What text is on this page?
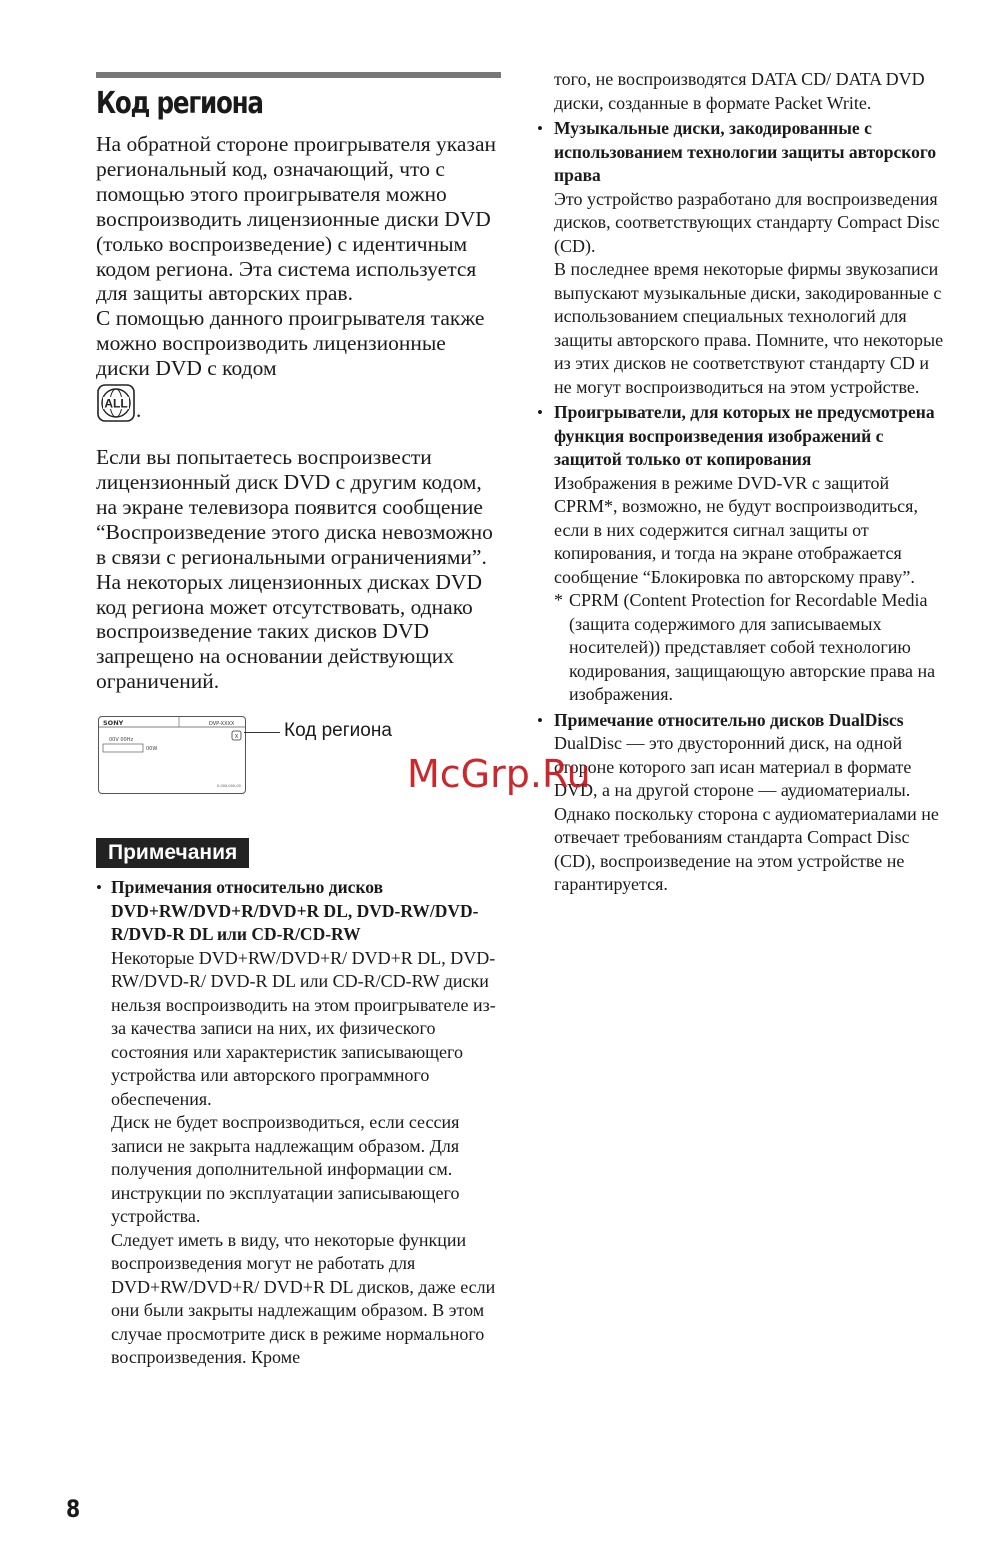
Код региона

На обратной стороне проигрывателя указан региональный код, означающий, что с помощью этого проигрывателя можно воспроизводить лицензионные диски DVD (только воспроизведение) с идентичным кодом региона. Эта система используется для защиты авторских прав.

С помощью данного проигрывателя также можно воспроизводить лицензионные диски DVD с кодом

ALL .

Если вы попытаетесь воспроизвести лицензионный диск DVD с другим кодом, на экране телевизора появится сообщение “Воспроизведение этого диска невозможно в связи с региональными ограничениями”. На некоторых лицензионных дисках DVD код региона может отсутствовать, однако воспроизведение таких дисков DVD запрещено на основании действующих ограничений.

SONY	DVP-XXXX
X
00V 00Hz
00W
0-000-000-00
Код региона
Примечания

• Примечания относительно дисков DVD+RW/DVD+R/DVD+R DL, DVD-RW/DVD-R/DVD-R DL или CD-R/CD-RW

Некоторые DVD+RW/DVD+R/ DVD+R DL, DVD-RW/DVD-R/ DVD-R DL или CD-R/CD-RW диски нельзя воспроизводить на этом проигрывателе из-за качества записи на них, их физического состояния или характеристик записывающего устройства или авторского программного обеспечения.

Диск не будет воспроизводиться, если сессия записи не закрыта надлежащим образом. Для получения дополнительной информации см. инструкции по эксплуатации записывающего устройства.

Следует иметь в виду, что некоторые функции воспроизведения могут не работать для DVD+RW/DVD+R/ DVD+R DL дисков, даже если они были закрыты надлежащим образом. В этом случае просмотрите диск в режиме нормального воспроизведения. Кроме

того, не воспроизводятся DATA CD/ DATA DVD диски, созданные в формате Packet Write.

• Музыкальные диски, закодированные с использованием технологии защиты авторского права

Это устройство разработано для воспроизведения дисков, соответствующих стандарту Compact Disc (CD).

В последнее время некоторые фирмы звукозаписи выпускают музыкальные диски, закодированные с использованием специальных технологий для защиты авторского права. Помните, что некоторые из этих дисков не соответствуют стандарту CD и не могут воспроизводиться на этом устройстве.

• Проигрыватели, для которых не предусмотрена функция воспроизведения изображений с защитой только от копирования

Изображения в режиме DVD-VR с защитой CPRM*, возможно, не будут воспроизводиться, если в них содержится сигнал защиты от копирования, и тогда на экране отображается сообщение “Блокировка по авторскому праву”.

* CPRM (Content Protection for Recordable Media (защита содержимого для записываемых носителей)) представляет собой технологию кодирования, защищающую авторские права на изображения.

• Примечание относительно дисков DualDiscs

DualDisc — это двусторонний диск, на одной стороне которого зап исан материал в формате DVD, а на другой стороне — аудиоматериалы. Однако поскольку сторона с аудиоматериалами не отвечает требованиям стандарта Compact Disc (CD), воспроизведение на этом устройстве не гарантируется.

McGrp.Ru
8
